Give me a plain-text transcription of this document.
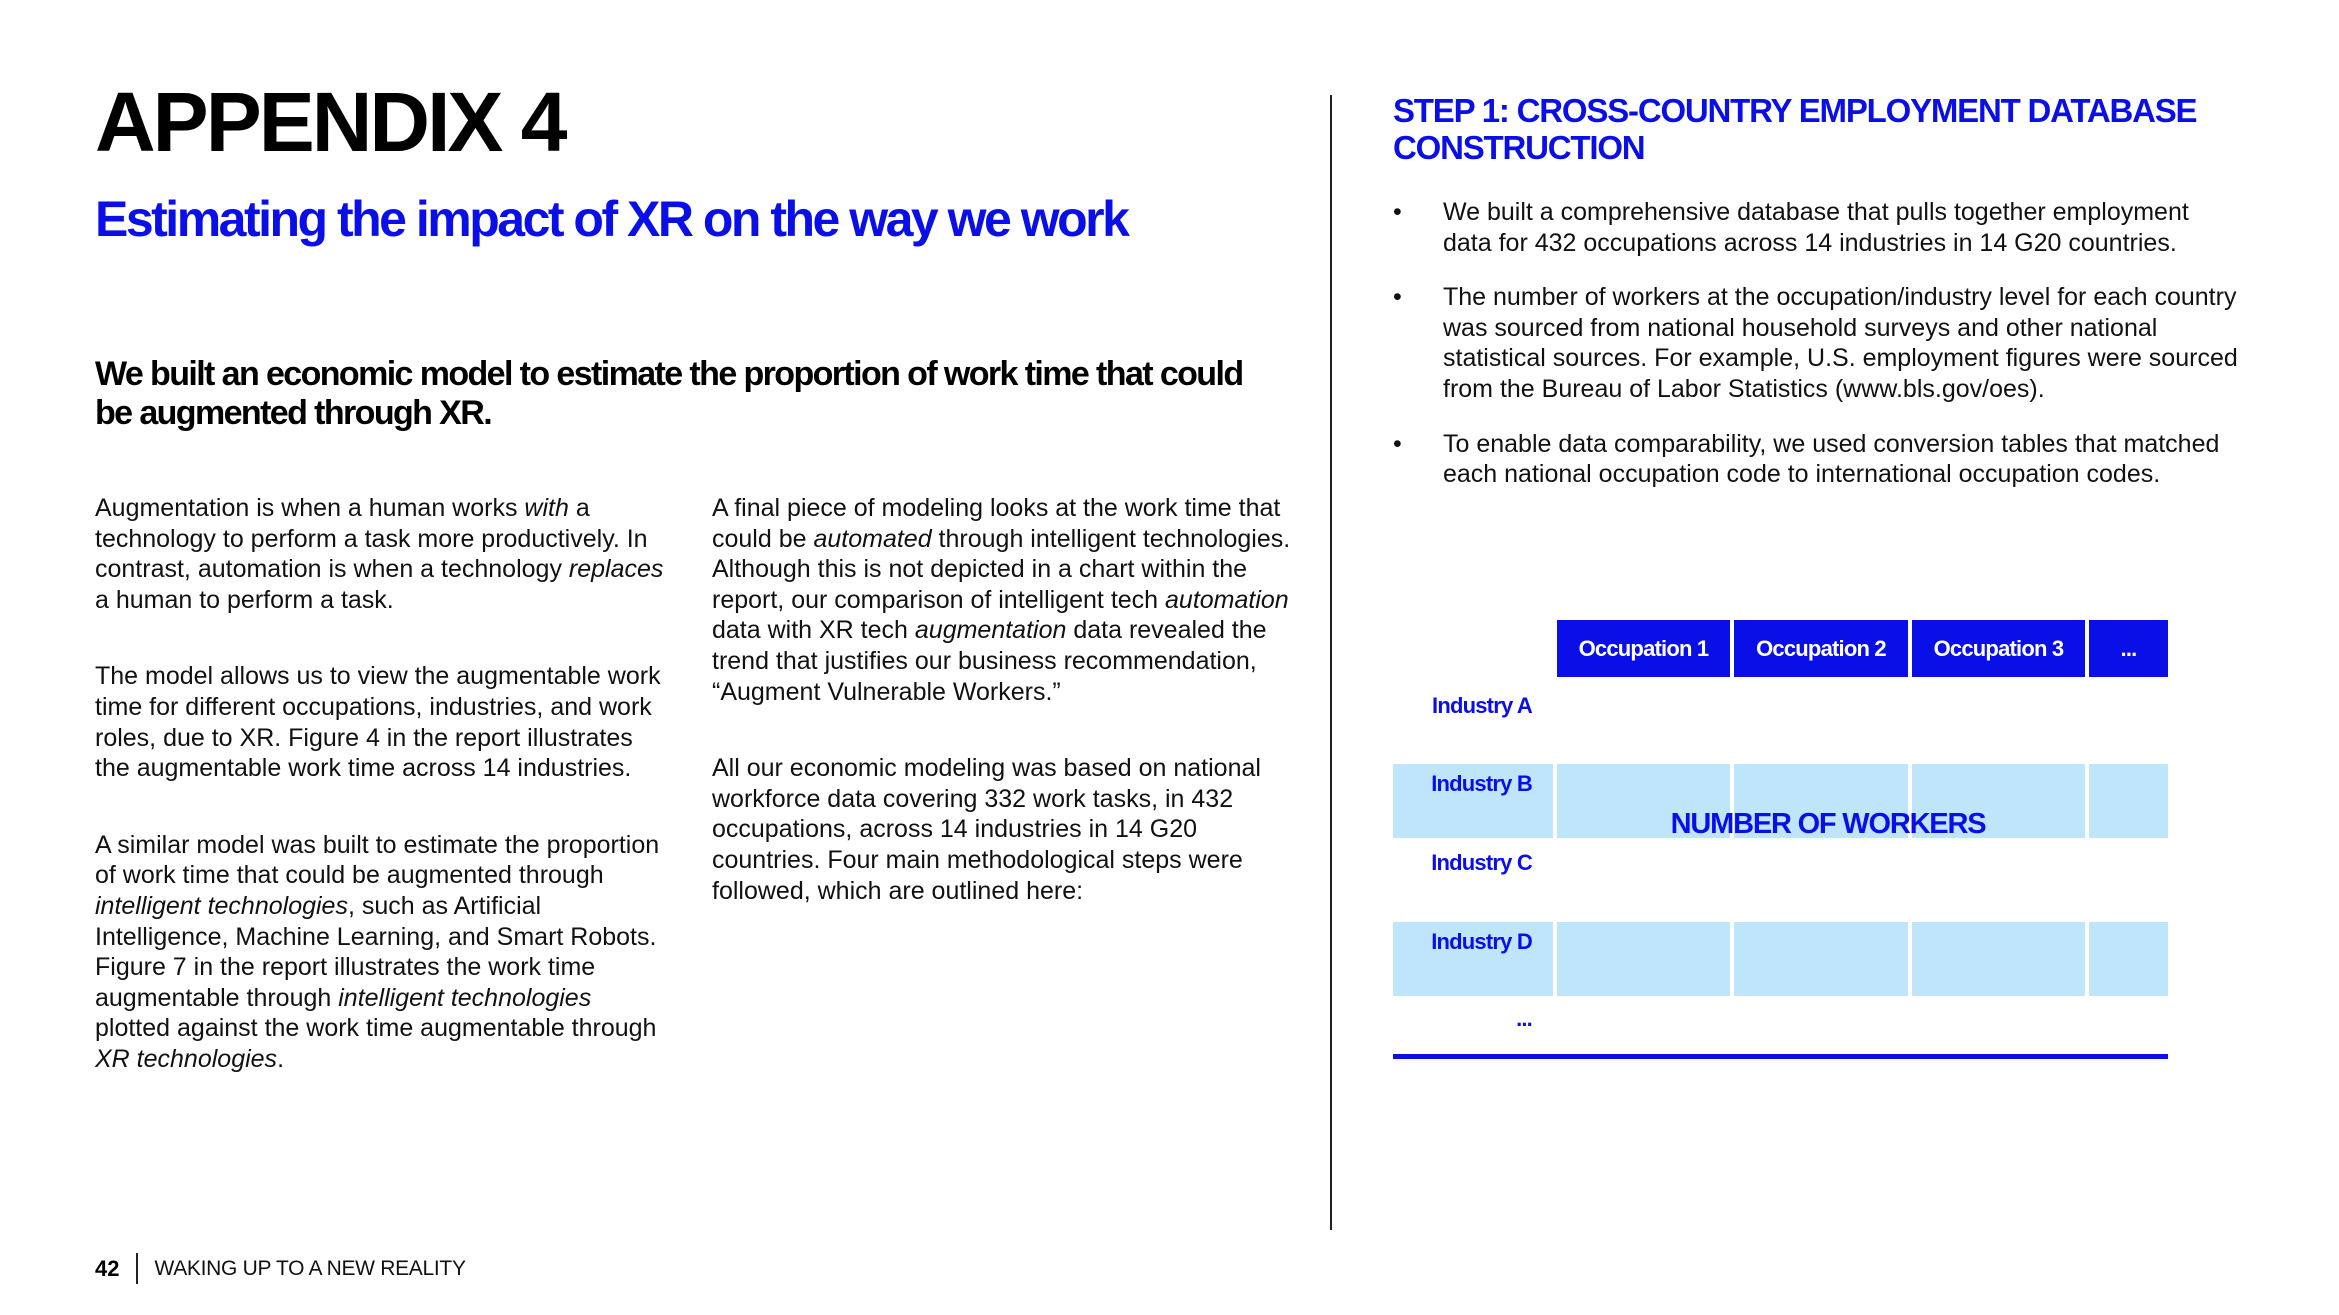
APPENDIX 4
Estimating the impact of XR on the way we work
We built an economic model to estimate the proportion of work time that could be augmented through XR.

Augmentation is when a human works with a technology to perform a task more productively. In contrast, automation is when a technology replaces a human to perform a task.

The model allows us to view the augmentable work time for different occupations, industries, and work roles, due to XR. Figure 4 in the report illustrates the augmentable work time across 14 industries.

A similar model was built to estimate the proportion of work time that could be augmented through intelligent technologies, such as Artificial Intelligence, Machine Learning, and Smart Robots. Figure 7 in the report illustrates the work time augmentable through intelligent technologies plotted against the work time augmentable through XR technologies.

A final piece of modeling looks at the work time that could be automated through intelligent technologies. Although this is not depicted in a chart within the report, our comparison of intelligent tech automation data with XR tech augmentation data revealed the trend that justifies our business recommendation, “Augment Vulnerable Workers.”

All our economic modeling was based on national workforce data covering 332 work tasks, in 432 occupations, across 14 industries in 14 G20 countries. Four main methodological steps were followed, which are outlined here:

STEP 1: CROSS-COUNTRY EMPLOYMENT DATABASE CONSTRUCTION
• We built a comprehensive database that pulls together employment data for 432 occupations across 14 industries in 14 G20 countries.
• The number of workers at the occupation/industry level for each country was sourced from national household surveys and other national statistical sources. For example, U.S. employment figures were sourced from the Bureau of Labor Statistics (www.bls.gov/oes).
• To enable data comparability, we used conversion tables that matched each national occupation code to international occupation codes.
Occupation 1	Occupation 2	Occupation 3	...
Industry A
Industry B
Industry C
Industry D
...
NUMBER OF WORKERS
42 WAKING UP TO A NEW REALITY
